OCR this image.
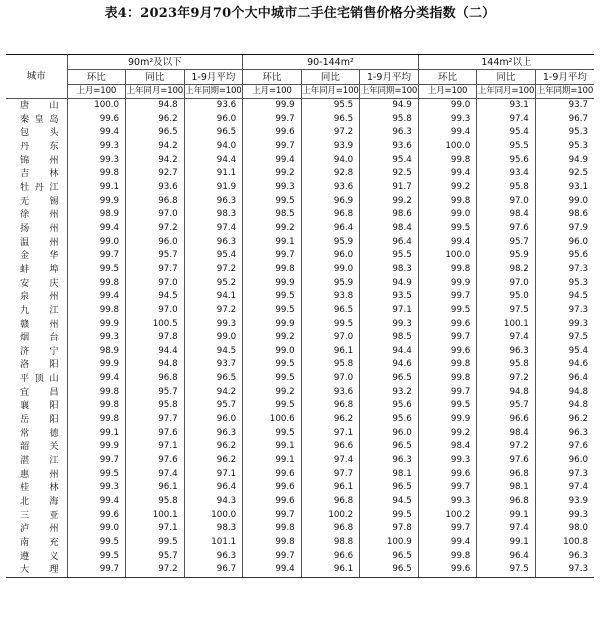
表4：2023年9月70个大中城市二手住宅销售价格分类指数（二）
城市	90m²及以下			90-144m²			144m²以上		
	环比	同比	1-9月平均	环比	同比	1-9月平均	环比	同比	1-9月平均
	上月=100	上年同月=100	上年同期=100	上月=100	上年同月=100	上年同期=100	上月=100	上年同月=100	上年同期=100
唐山	100.0	94.8	93.6	99.9	95.5	94.9	99.0	93.1	93.7
秦皇岛	99.6	96.2	96.0	99.7	96.5	95.8	99.3	97.4	96.7
包头	99.4	96.5	96.5	99.6	97.2	96.3	99.4	95.4	95.3
丹东	99.3	94.2	94.0	99.7	93.9	93.6	100.0	95.5	95.3
锦州	99.3	94.2	94.4	99.4	94.0	95.4	99.8	95.6	94.9
吉林	99.8	92.7	91.1	99.2	92.8	92.5	99.4	93.4	92.5
牡丹江	99.1	93.6	91.9	99.3	93.6	91.7	99.2	95.8	93.1
无锡	99.9	96.8	96.3	99.5	96.9	99.2	99.8	97.0	99.0
徐州	98.9	97.0	98.3	98.5	96.8	98.6	99.0	98.4	98.6
扬州	99.4	97.2	97.4	99.2	96.4	98.4	99.5	97.6	97.9
温州	99.0	96.0	96.3	99.1	95.9	96.4	99.4	95.7	96.0
金华	99.7	95.7	95.4	99.7	96.0	95.5	100.0	95.9	95.6
蚌埠	99.5	97.7	97.2	99.8	99.0	98.3	99.8	98.2	97.3
安庆	99.8	97.0	95.2	99.9	95.9	94.9	99.9	97.0	95.3
泉州	99.4	94.5	94.1	99.5	93.8	93.5	99.7	95.0	94.5
九江	99.8	97.0	97.2	99.5	96.5	97.1	99.5	97.5	97.3
赣州	99.9	100.5	99.3	99.9	99.5	99.3	99.6	100.1	99.3
烟台	99.3	97.8	99.0	99.2	97.0	98.5	99.7	97.4	97.5
济宁	98.9	94.4	94.5	99.0	96.1	94.4	99.6	96.3	95.4
洛阳	99.9	94.8	93.7	99.5	95.8	94.6	99.8	95.8	94.6
平顶山	99.4	96.8	96.5	99.5	97.0	96.5	99.8	97.2	96.4
宜昌	99.8	95.7	94.2	99.2	93.6	93.2	99.7	94.8	94.8
襄阳	99.8	95.8	95.7	99.5	96.8	95.6	99.5	95.7	94.8
岳阳	99.8	97.7	96.0	100.6	96.2	95.6	99.9	96.6	96.2
常德	99.1	97.6	96.3	99.5	97.1	96.0	99.2	98.4	96.3
韶关	99.9	97.1	96.2	99.1	96.6	96.5	98.4	97.2	97.6
湛江	99.7	97.6	96.2	99.1	97.4	96.3	99.3	97.6	96.0
惠州	99.5	97.4	97.1	99.6	97.7	98.1	99.6	96.8	97.3
桂林	99.3	96.1	96.4	99.6	96.1	96.5	99.7	98.1	97.4
北海	99.4	95.8	94.3	99.6	96.8	94.5	99.3	96.8	93.9
三亚	99.6	100.1	100.0	99.7	100.2	99.5	100.2	99.1	99.3
泸州	99.0	97.1	98.3	99.8	96.8	97.8	99.7	97.4	98.0
南充	99.5	99.5	101.1	99.8	98.8	100.9	99.4	99.1	100.8
遵义	99.5	95.7	96.3	99.7	96.6	96.5	99.8	96.4	96.3
大理	99.7	97.2	96.7	99.4	96.1	96.5	99.6	97.5	97.3
